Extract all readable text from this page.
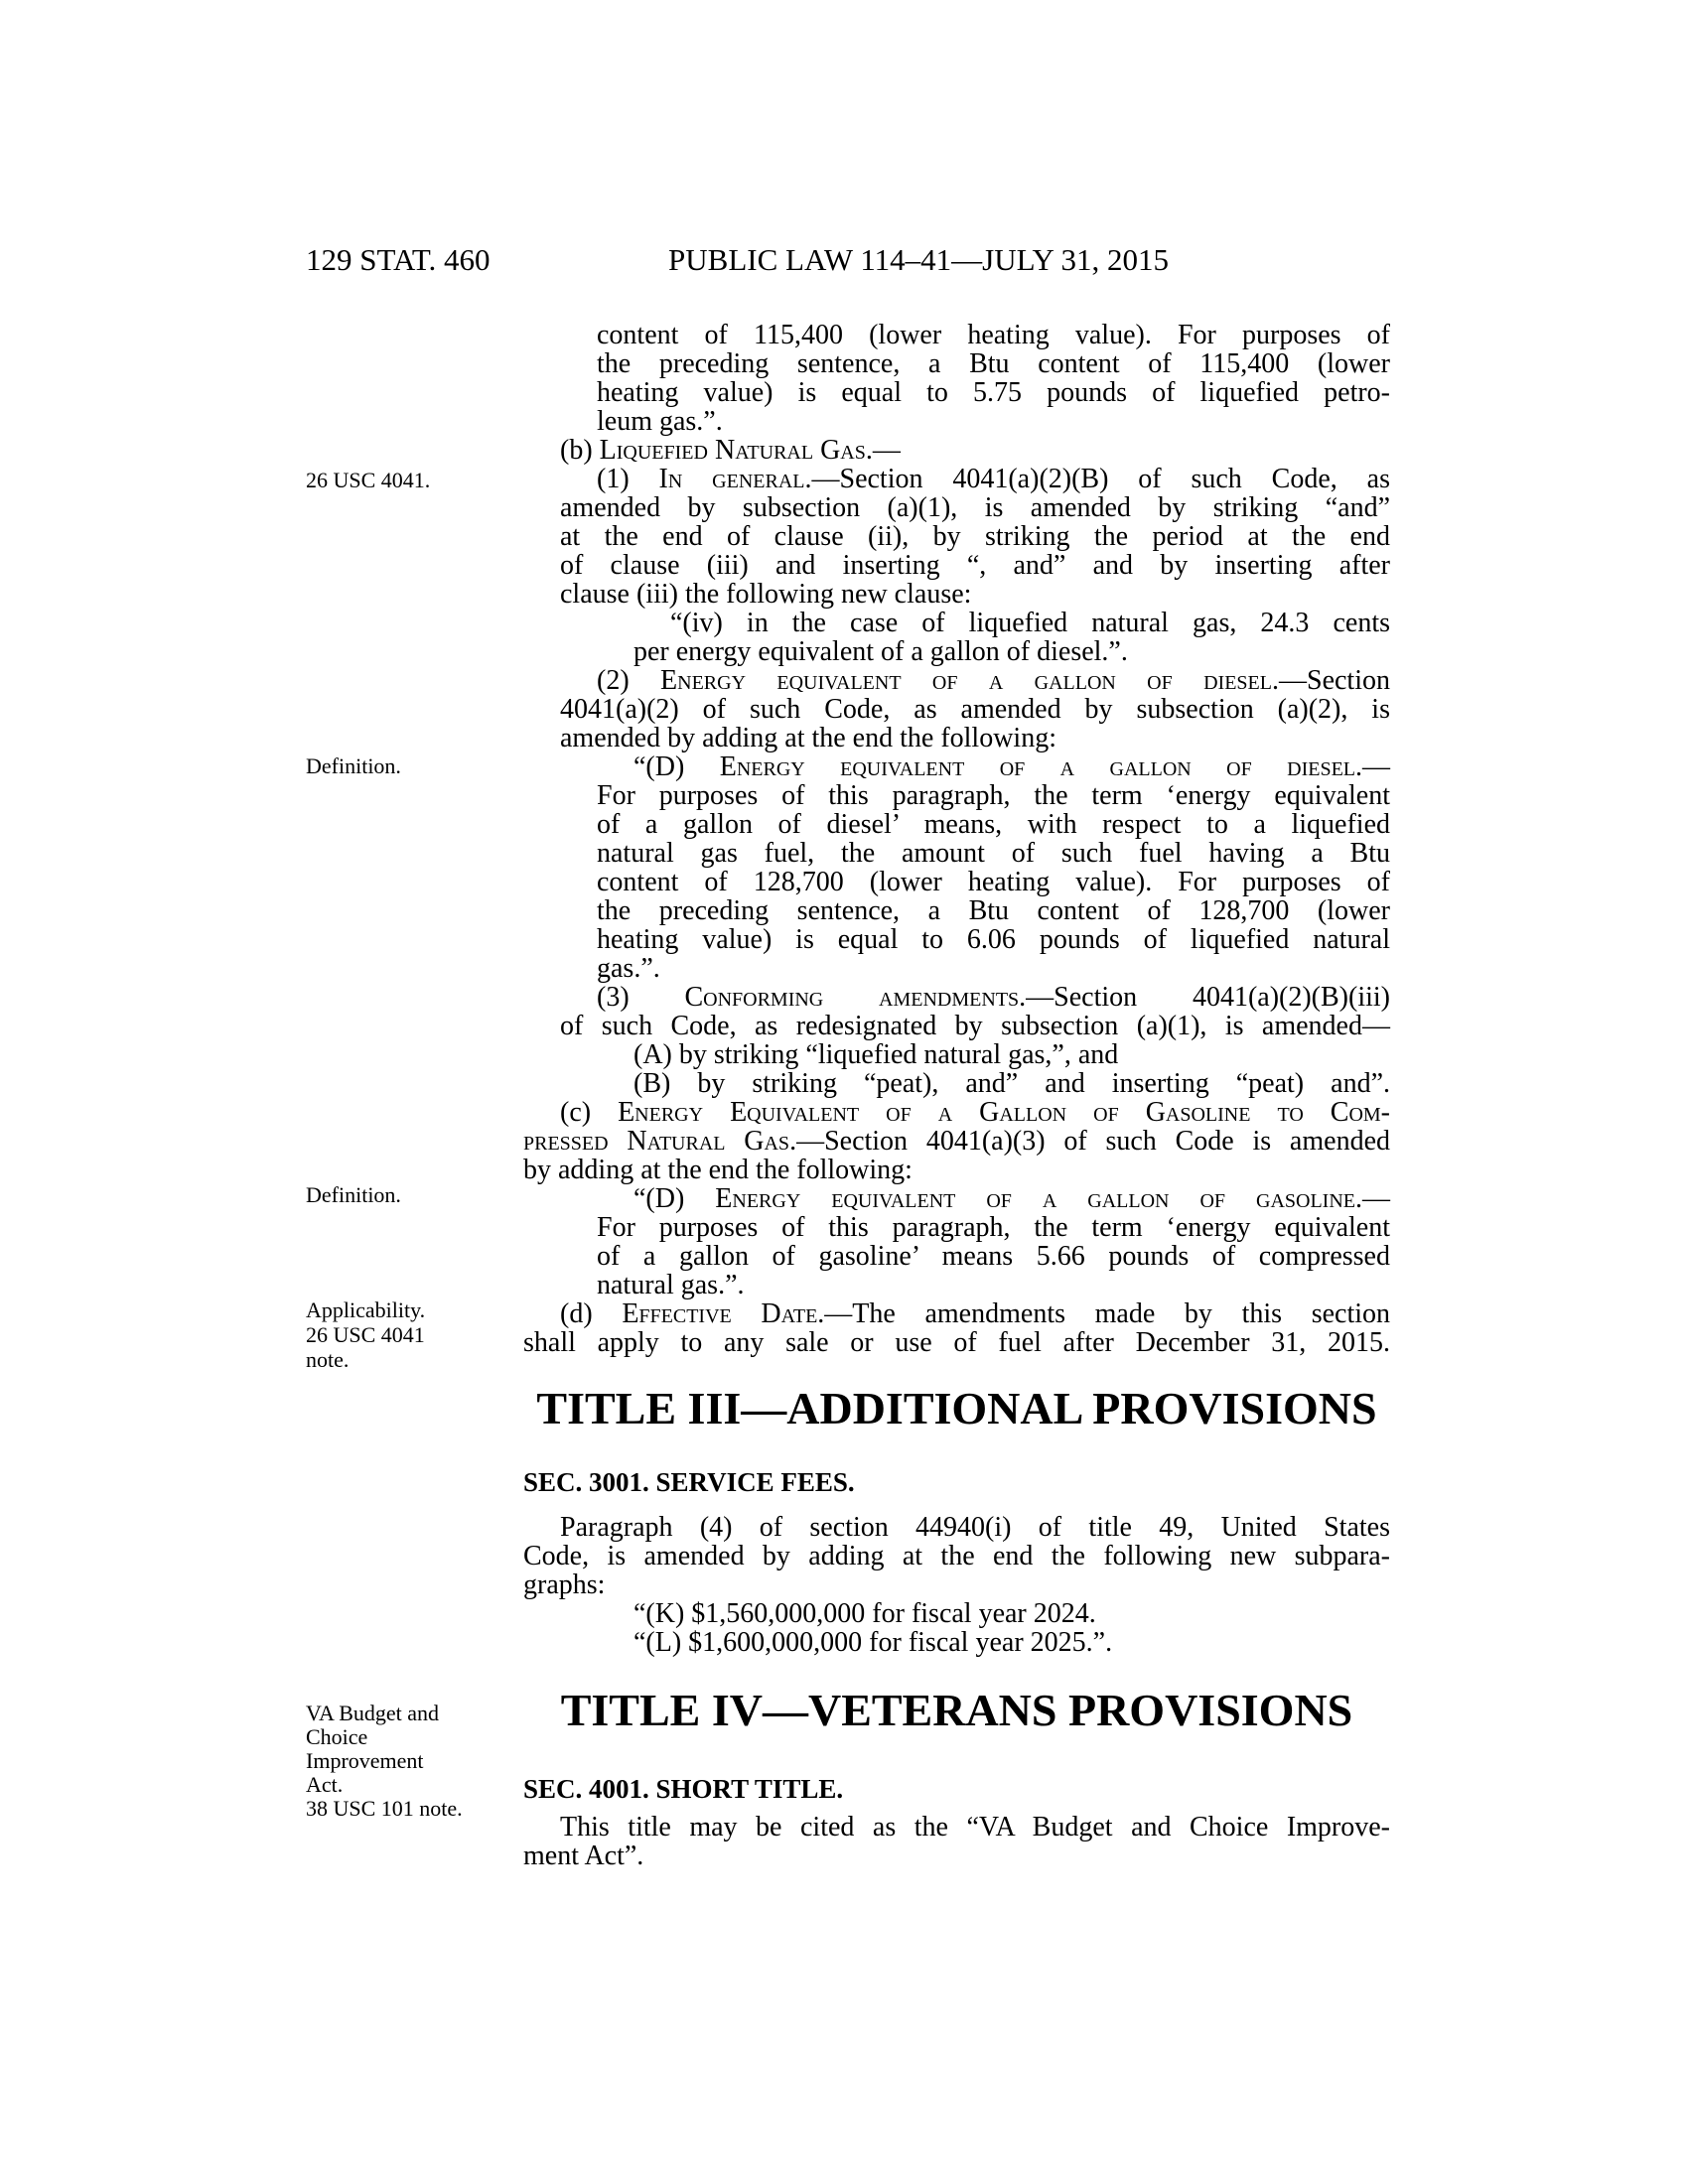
129 STAT. 460	PUBLIC LAW 114–41—JULY 31, 2015
26 USC 4041.
Definition.
Definition.
Applicability.
26 USC 4041
note.
VA Budget and
Choice
Improvement
Act.
38 USC 101 note.
content of 115,400 (lower heating value). For purposes of
the preceding sentence, a Btu content of 115,400 (lower
heating value) is equal to 5.75 pounds of liquefied petro-
leum gas.”.
(b) Liquefied Natural Gas.—
(1) In general.—Section 4041(a)(2)(B) of such Code, as
amended by subsection (a)(1), is amended by striking “and”
at the end of clause (ii), by striking the period at the end
of clause (iii) and inserting “, and” and by inserting after
clause (iii) the following new clause:
“(iv) in the case of liquefied natural gas, 24.3 cents
per energy equivalent of a gallon of diesel.”.
(2) Energy equivalent of a gallon of diesel.—Section
4041(a)(2) of such Code, as amended by subsection (a)(2), is
amended by adding at the end the following:
“(D) Energy equivalent of a gallon of diesel.—
For purposes of this paragraph, the term ‘energy equivalent
of a gallon of diesel’ means, with respect to a liquefied
natural gas fuel, the amount of such fuel having a Btu
content of 128,700 (lower heating value). For purposes of
the preceding sentence, a Btu content of 128,700 (lower
heating value) is equal to 6.06 pounds of liquefied natural
gas.”.
(3) Conforming amendments.—Section 4041(a)(2)(B)(iii)
of such Code, as redesignated by subsection (a)(1), is amended—
(A) by striking “liquefied natural gas,”, and
(B) by striking “peat), and” and inserting “peat) and”.
(c) Energy Equivalent of a Gallon of Gasoline to Com-
pressed Natural Gas.—Section 4041(a)(3) of such Code is amended
by adding at the end the following:
“(D) Energy equivalent of a gallon of gasoline.—
For purposes of this paragraph, the term ‘energy equivalent
of a gallon of gasoline’ means 5.66 pounds of compressed
natural gas.”.
(d) Effective Date.—The amendments made by this section
shall apply to any sale or use of fuel after December 31, 2015.
TITLE III—ADDITIONAL PROVISIONS
SEC. 3001. SERVICE FEES.
Paragraph (4) of section 44940(i) of title 49, United States
Code, is amended by adding at the end the following new subpara-
graphs:
“(K) $1,560,000,000 for fiscal year 2024.
“(L) $1,600,000,000 for fiscal year 2025.”.
TITLE IV—VETERANS PROVISIONS
SEC. 4001. SHORT TITLE.
This title may be cited as the “VA Budget and Choice Improve-
ment Act”.
